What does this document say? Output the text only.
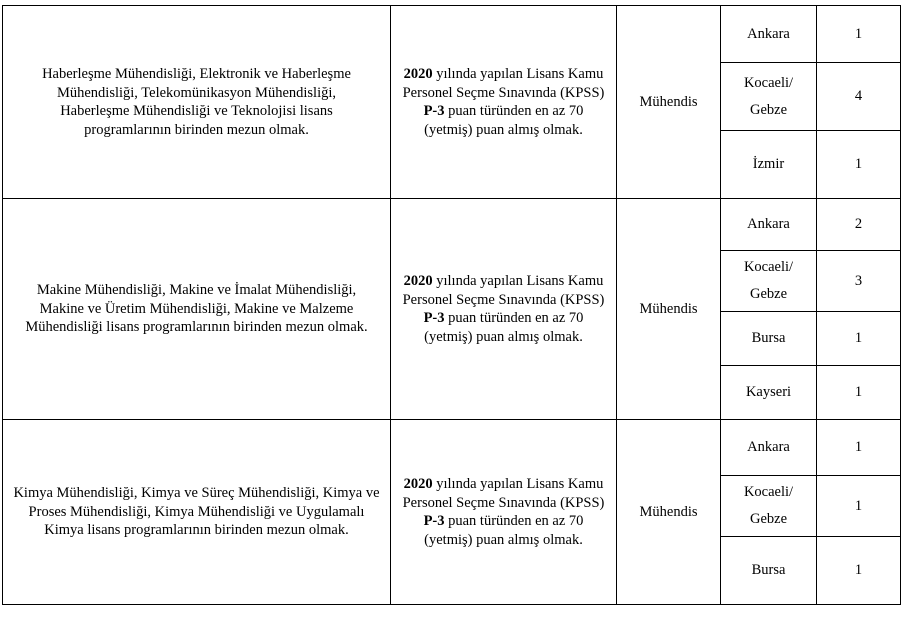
Haberleşme Mühendisliği, Elektronik ve Haberleşme Mühendisliği, Telekomünikasyon Mühendisliği, Haberleşme Mühendisliği ve Teknolojisi lisans programlarının birinden mezun olmak.	2020 yılında yapılan Lisans Kamu Personel Seçme Sınavında (KPSS) P-3 puan türünden en az 70 (yetmiş) puan almış olmak.	Mühendis	Ankara	1
			Kocaeli/ Gebze	4
			İzmir	1
Makine Mühendisliği, Makine ve İmalat Mühendisliği, Makine ve Üretim Mühendisliği, Makine ve Malzeme Mühendisliği lisans programlarının birinden mezun olmak.	2020 yılında yapılan Lisans Kamu Personel Seçme Sınavında (KPSS) P-3 puan türünden en az 70 (yetmiş) puan almış olmak.	Mühendis	Ankara	2
			Kocaeli/ Gebze	3
			Bursa	1
			Kayseri	1
Kimya Mühendisliği, Kimya ve Süreç Mühendisliği, Kimya ve Proses Mühendisliği, Kimya Mühendisliği ve Uygulamalı Kimya lisans programlarının birinden mezun olmak.	2020 yılında yapılan Lisans Kamu Personel Seçme Sınavında (KPSS) P-3 puan türünden en az 70 (yetmiş) puan almış olmak.	Mühendis	Ankara	1
			Kocaeli/ Gebze	1
			Bursa	1
